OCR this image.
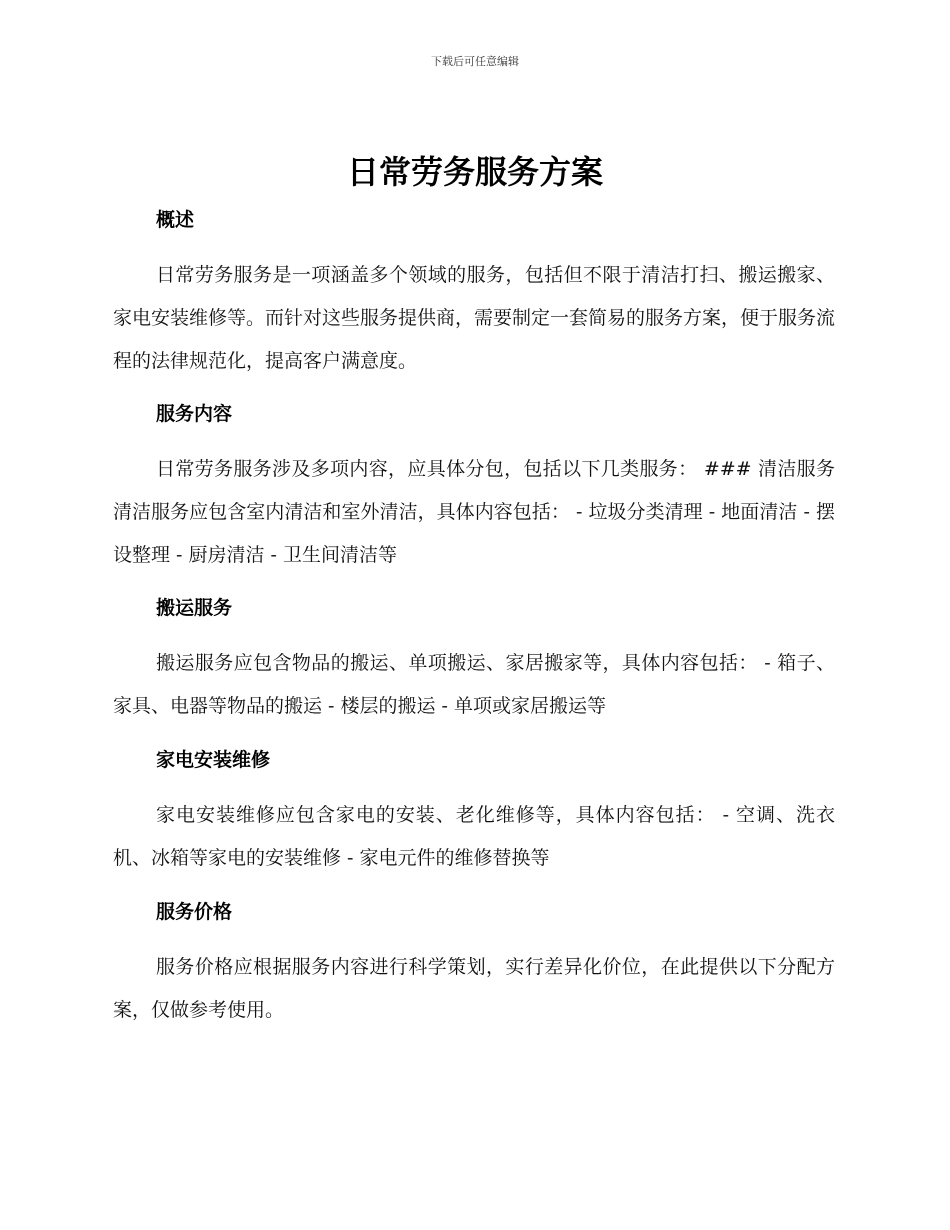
下载后可任意编辑
日常劳务服务方案
概述

日常劳务服务是一项涵盖多个领域的服务，包括但不限于清洁打扫、搬运搬家、家电安装维修等。而针对这些服务提供商，需要制定一套简易的服务方案，便于服务流程的法律规范化，提高客户满意度。

服务内容

日常劳务服务涉及多项内容，应具体分包，包括以下几类服务： ### 清洁服务 清洁服务应包含室内清洁和室外清洁，具体内容包括： - 垃圾分类清理 - 地面清洁 - 摆设整理 - 厨房清洁 - 卫生间清洁等

搬运服务

搬运服务应包含物品的搬运、单项搬运、家居搬家等，具体内容包括： - 箱子、家具、电器等物品的搬运 - 楼层的搬运 - 单项或家居搬运等

家电安装维修

家电安装维修应包含家电的安装、老化维修等，具体内容包括： - 空调、洗衣机、冰箱等家电的安装维修 - 家电元件的维修替换等

服务价格

服务价格应根据服务内容进行科学策划，实行差异化价位，在此提供以下分配方案，仅做参考使用。
